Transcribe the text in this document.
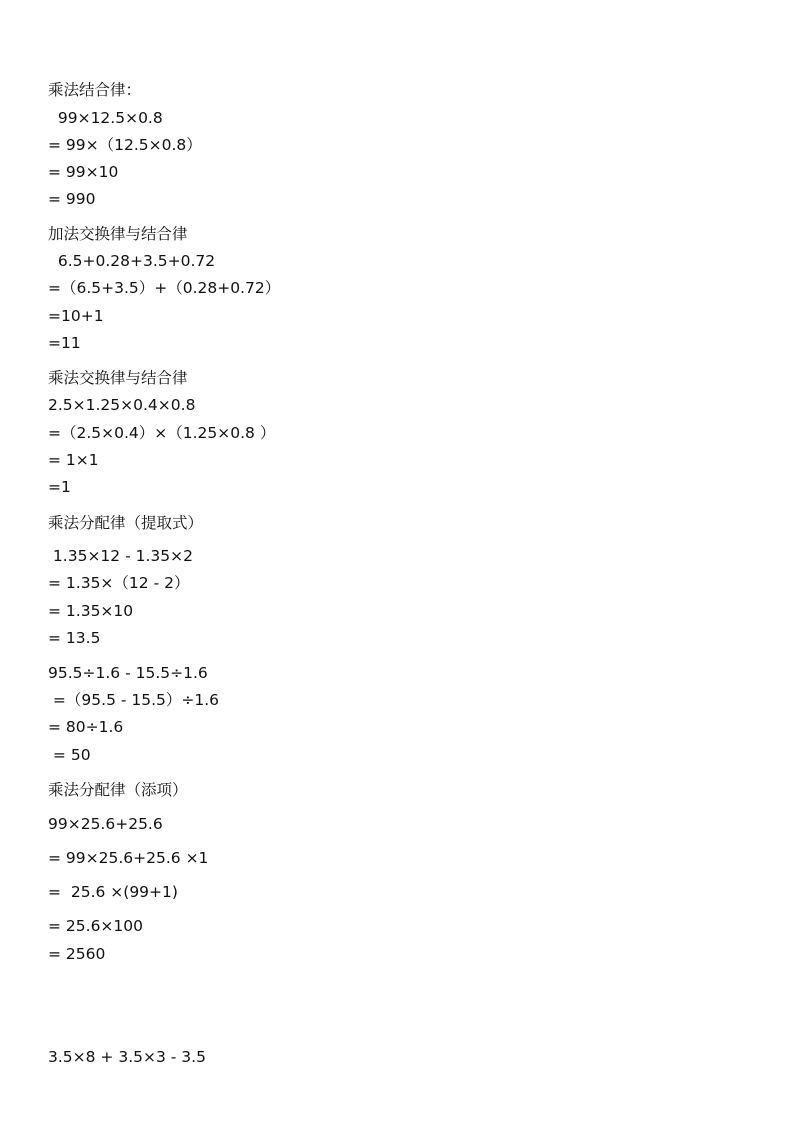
乘法结合律：
99×12.5×0.8
= 99×（12.5×0.8）
= 99×10
= 990
加法交换律与结合律
6.5+0.28+3.5+0.72
=（6.5+3.5）+（0.28+0.72）
=10+1
=11
乘法交换律与结合律
2.5×1.25×0.4×0.8
=（2.5×0.4）×（1.25×0.8 ）
= 1×1
=1
乘法分配律（提取式）
1.35×12 - 1.35×2
= 1.35×（12 - 2）
= 1.35×10
= 13.5
95.5÷1.6 - 15.5÷1.6
=（95.5 - 15.5）÷1.6
= 80÷1.6
= 50
乘法分配律（添项）
99×25.6+25.6
= 99×25.6+25.6 ×1
=  25.6 ×(99+1)
= 25.6×100
= 2560
3.5×8 + 3.5×3 - 3.5
